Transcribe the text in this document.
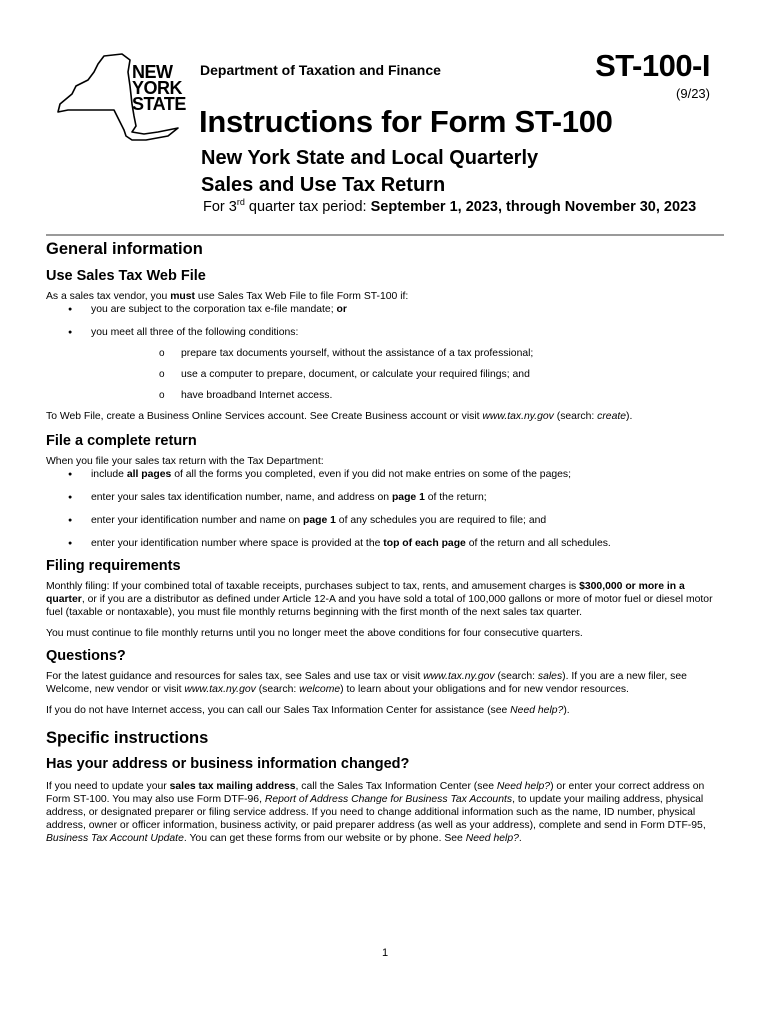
NEW
YORK
STATE
Department of Taxation and Finance	ST-100-I
(9/23)
Instructions for Form ST-100
New York State and Local Quarterly
Sales and Use Tax Return
For 3rd quarter tax period: September 1, 2023, through November 30, 2023
General information
Use Sales Tax Web File

As a sales tax vendor, you must use Sales Tax Web File to file Form ST-100 if:

● you are subject to the corporation tax e-file mandate; or
● you meet all three of the following conditions:
o prepare tax documents yourself, without the assistance of a tax professional;
o use a computer to prepare, document, or calculate your required filings; and
o have broadband Internet access.

To Web File, create a Business Online Services account. See Create Business account or visit www.tax.ny.gov (search: create).

File a complete return

When you file your sales tax return with the Tax Department:

● include all pages of all the forms you completed, even if you did not make entries on some of the pages;
● enter your sales tax identification number, name, and address on page 1 of the return;
● enter your identification number and name on page 1 of any schedules you are required to file; and
● enter your identification number where space is provided at the top of each page of the return and all schedules.
Filing requirements

Monthly filing: If your combined total of taxable receipts, purchases subject to tax, rents, and amusement charges is $300,000 or more in a quarter, or if you are a distributor as defined under Article 12-A and you have sold a total of 100,000 gallons or more of motor fuel or diesel motor fuel (taxable or nontaxable), you must file monthly returns beginning with the first month of the next sales tax quarter.

You must continue to file monthly returns until you no longer meet the above conditions for four consecutive quarters.

Questions?

For the latest guidance and resources for sales tax, see Sales and use tax or visit www.tax.ny.gov (search: sales). If you are a new filer, see Welcome, new vendor or visit www.tax.ny.gov (search: welcome) to learn about your obligations and for new vendor resources.

If you do not have Internet access, you can call our Sales Tax Information Center for assistance (see Need help?).

Specific instructions
Has your address or business information changed?

If you need to update your sales tax mailing address, call the Sales Tax Information Center (see Need help?) or enter your correct address on Form ST-100. You may also use Form DTF-96, Report of Address Change for Business Tax Accounts, to update your mailing address, physical address, or designated preparer or filing service address. If you need to change additional information such as the name, ID number, physical address, owner or officer information, business activity, or paid preparer address (as well as your address), complete and send in Form DTF-95, Business Tax Account Update. You can get these forms from our website or by phone. See Need help?.

1
